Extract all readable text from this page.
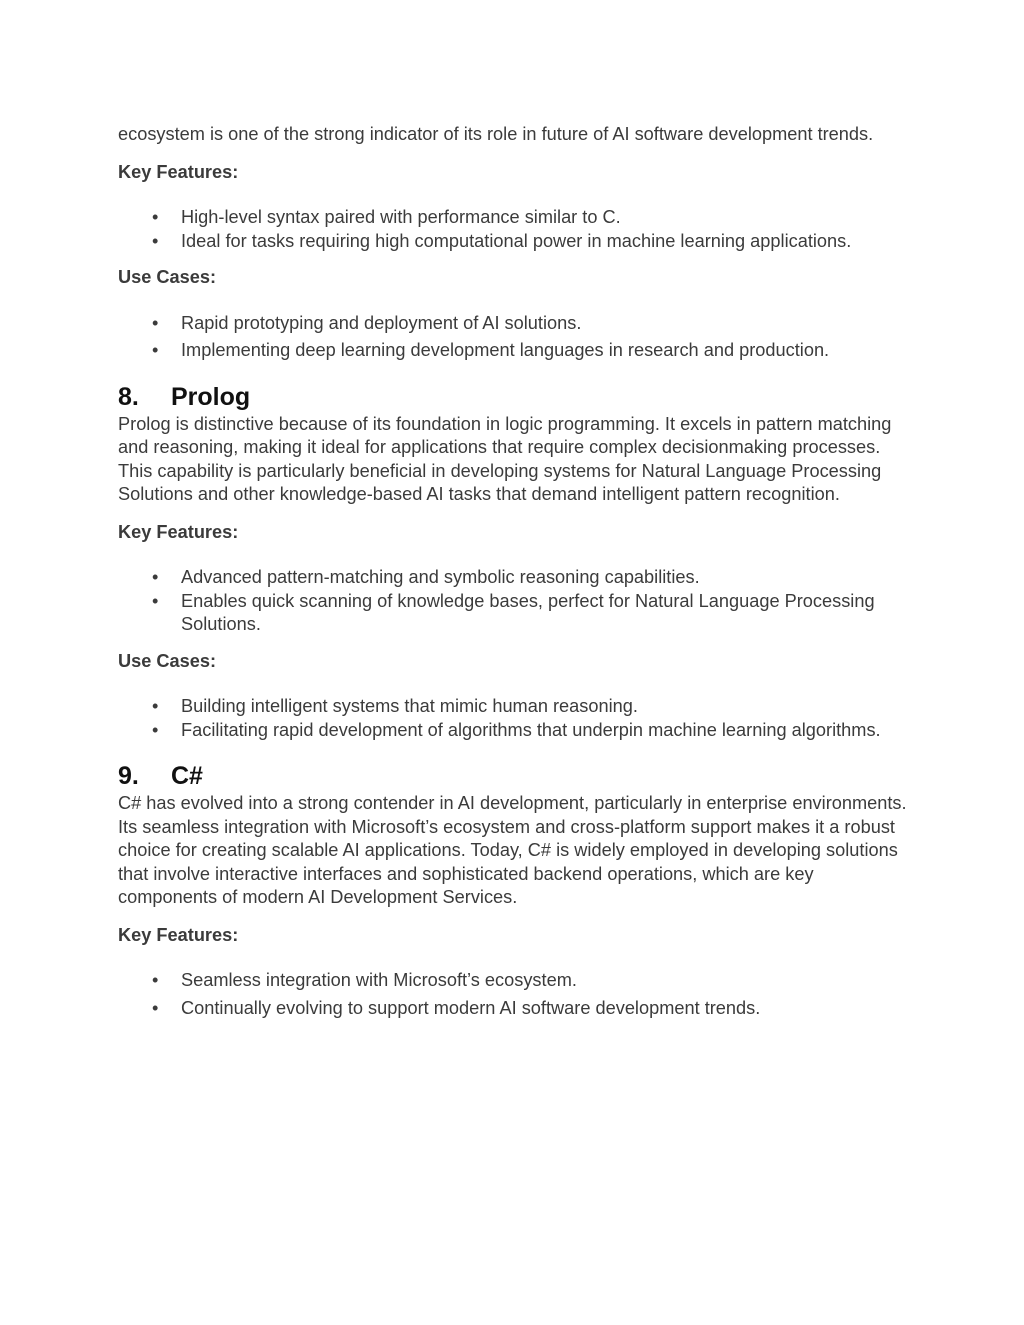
ecosystem is one of the strong indicator of its role in future of AI software development trends.

Key Features:

• High-level syntax paired with performance similar to C.
• Ideal for tasks requiring high computational power in machine learning applications.

Use Cases:

• Rapid prototyping and deployment of AI solutions.
• Implementing deep learning development languages in research and production.
8.	Prolog

Prolog is distinctive because of its foundation in logic programming. It excels in pattern matching and reasoning, making it ideal for applications that require complex decisionmaking processes. This capability is particularly beneficial in developing systems for Natural Language Processing Solutions and other knowledge-based AI tasks that demand intelligent pattern recognition.

Key Features:

• Advanced pattern-matching and symbolic reasoning capabilities.
• Enables quick scanning of knowledge bases, perfect for Natural Language Processing Solutions.

Use Cases:

• Building intelligent systems that mimic human reasoning.
• Facilitating rapid development of algorithms that underpin machine learning algorithms.
9.	C#

C# has evolved into a strong contender in AI development, particularly in enterprise environments. Its seamless integration with Microsoft’s ecosystem and cross-platform support makes it a robust choice for creating scalable AI applications. Today, C# is widely employed in developing solutions that involve interactive interfaces and sophisticated backend operations, which are key components of modern AI Development Services.

Key Features:

• Seamless integration with Microsoft’s ecosystem.
• Continually evolving to support modern AI software development trends.
